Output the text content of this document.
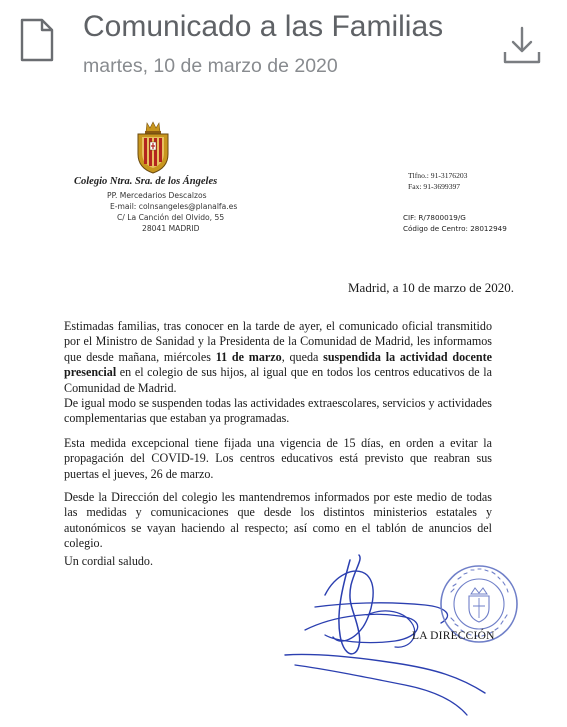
Comunicado a las Familias
martes, 10 de marzo de 2020
Colegio Ntra. Sra. de los Ángeles
PP. Mercedarios Descalzos
E-mail: colnsangeles@planalfa.es
C/ La Canción del Olvido, 55
28041 MADRID
Tlfno.: 91-3176203
Fax: 91-3699397
CIF: R/7800019/G
Código de Centro: 28012949
Madrid, a 10 de marzo de 2020.
Estimadas familias, tras conocer en la tarde de ayer, el comunicado oficial transmitido por el Ministro de Sanidad y la Presidenta de la Comunidad de Madrid, les informamos que desde mañana, miércoles 11 de marzo, queda suspendida la actividad docente presencial en el colegio de sus hijos, al igual que en todos los centros educativos de la Comunidad de Madrid.
De igual modo se suspenden todas las actividades extraescolares, servicios y actividades complementarias que estaban ya programadas.
Esta medida excepcional tiene fijada una vigencia de 15 días, en orden a evitar la propagación del COVID-19. Los centros educativos está previsto que reabran sus puertas el jueves, 26 de marzo.
Desde la Dirección del colegio les mantendremos informados por este medio de todas las medidas y comunicaciones que desde los distintos ministerios estatales y autonómicos se vayan haciendo al respecto; así como en el tablón de anuncios del colegio.
Un cordial saludo.
LA DIRECCIÓN
